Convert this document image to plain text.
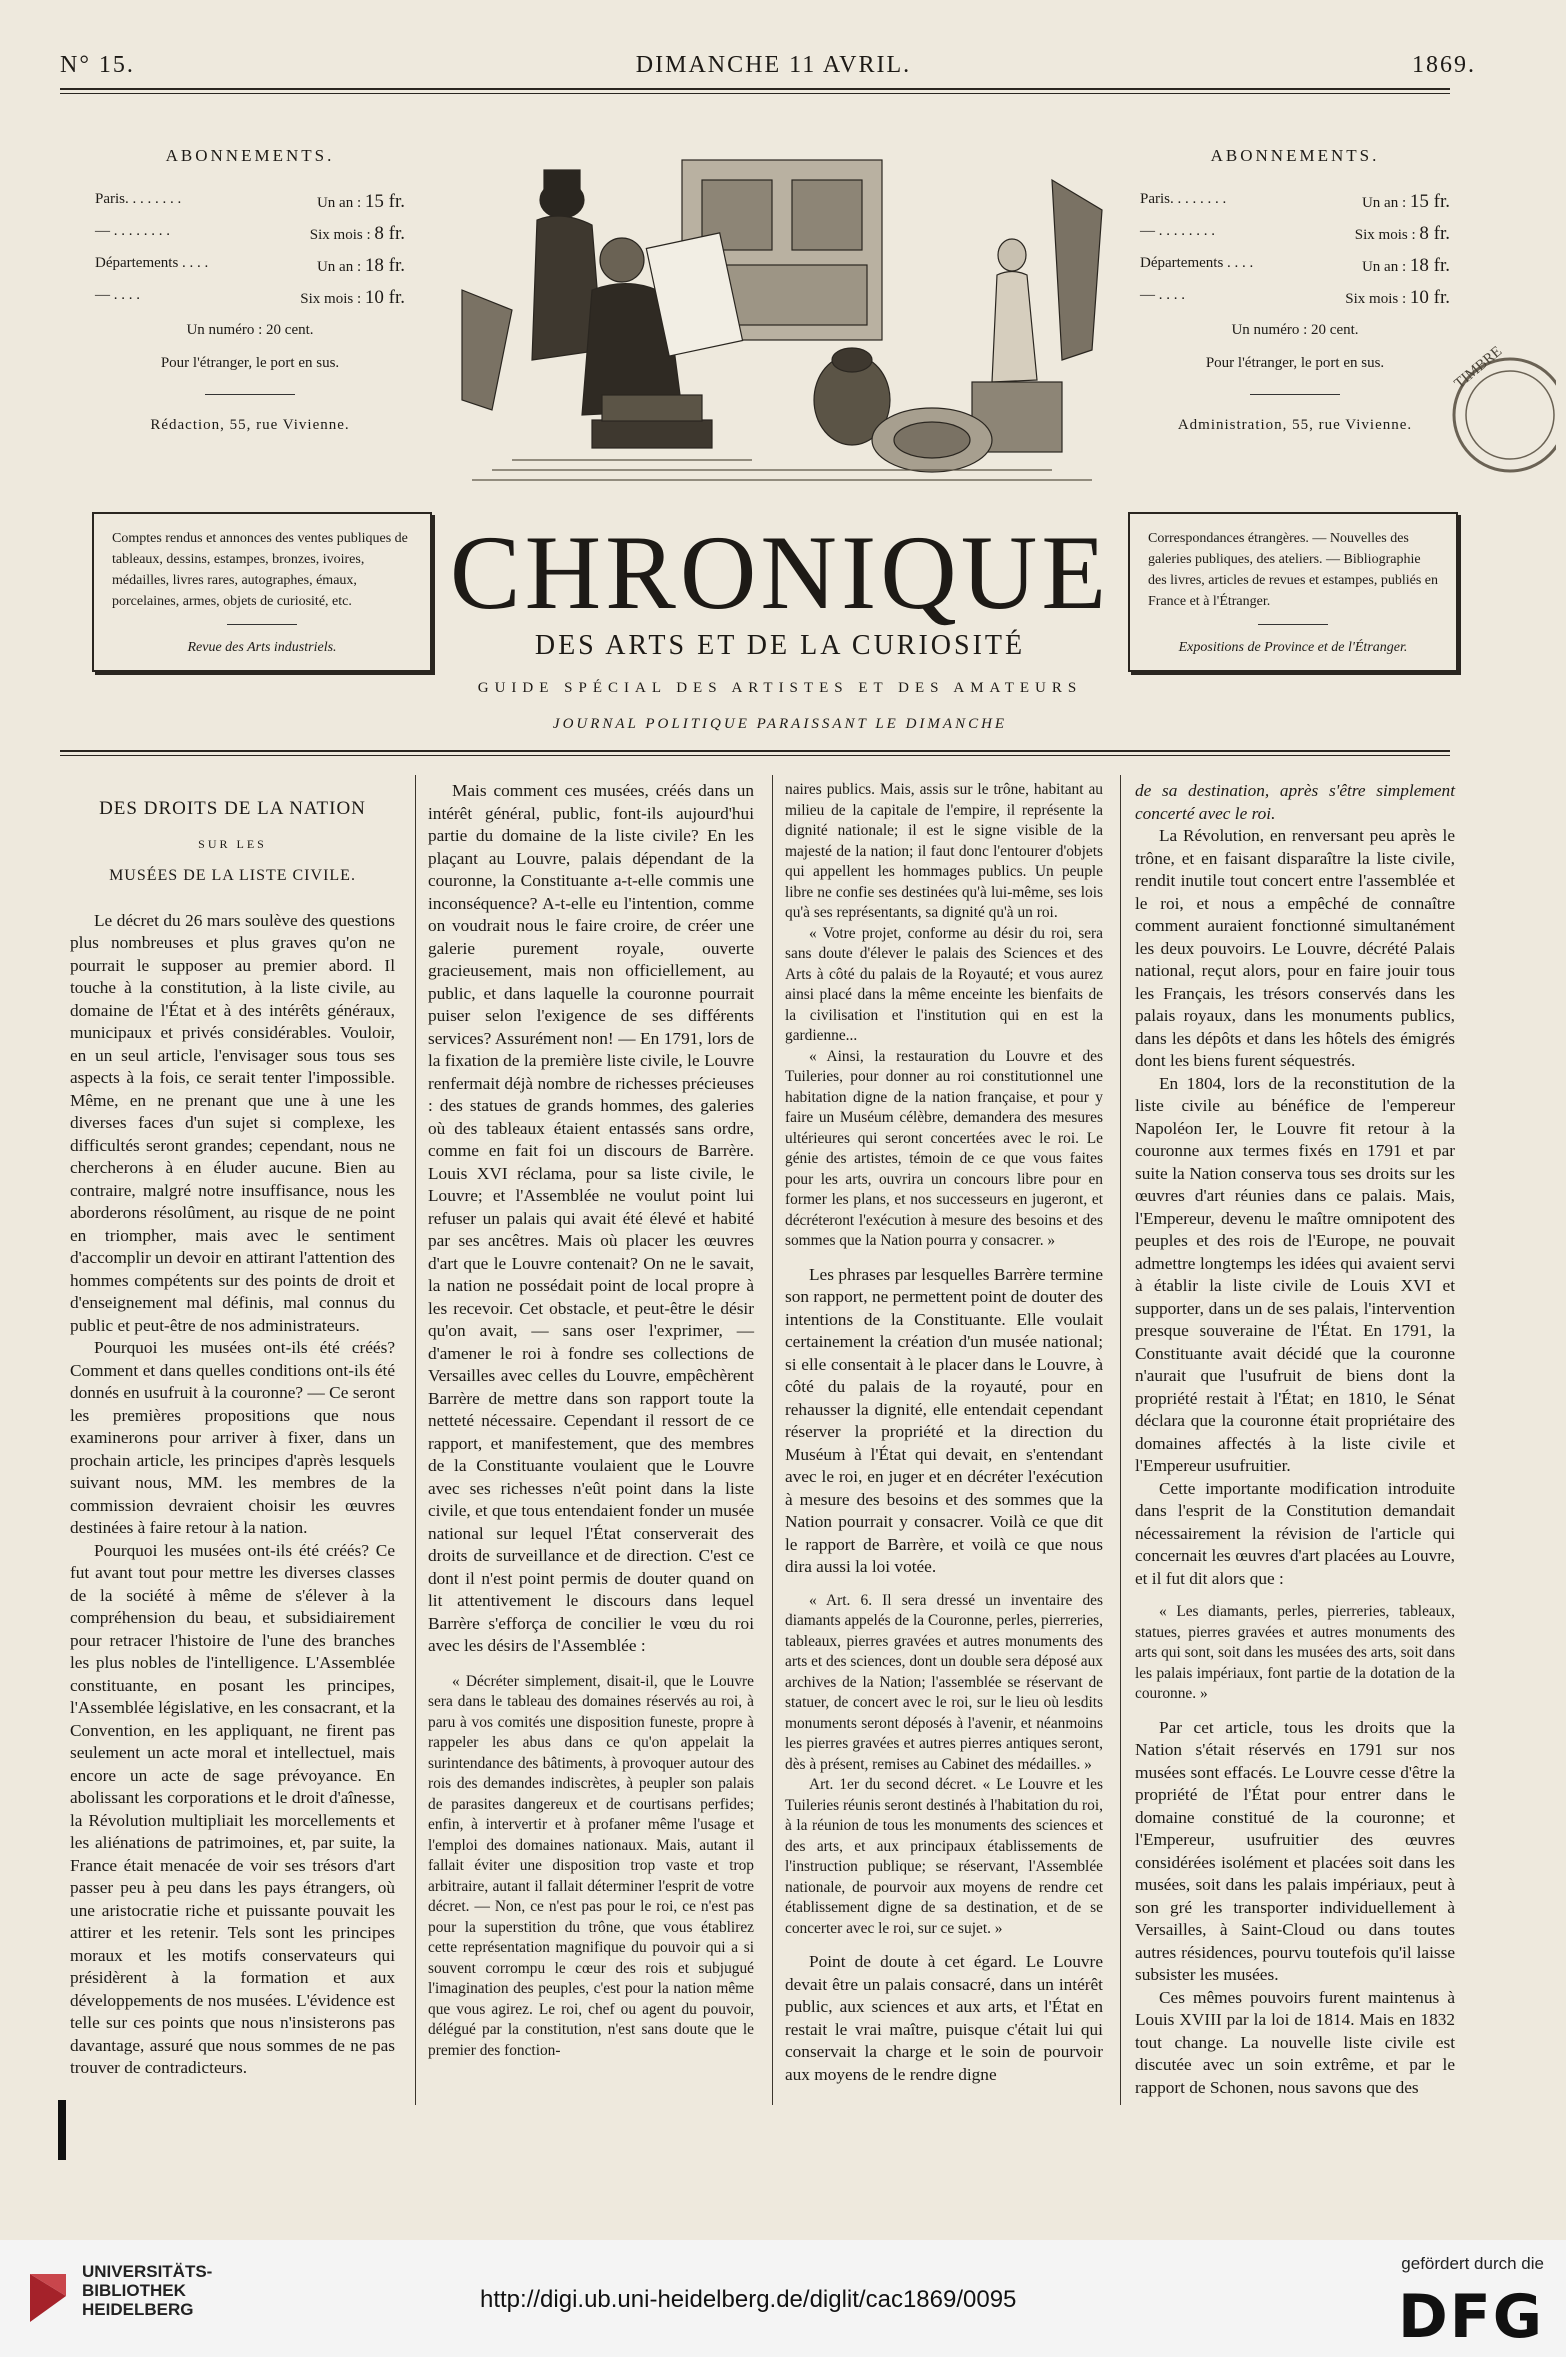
N° 15.	DIMANCHE 11 AVRIL.	1869.
ABONNEMENTS.
Paris. . . . . . . .	Un an : 15 fr.
— . . . . . . . .	Six mois : 8 fr.
Départements . . . .	Un an : 18 fr.
— . . . .	Six mois : 10 fr.
Un numéro : 20 cent.
Pour l'étranger, le port en sus.
Rédaction, 55, rue Vivienne.
ABONNEMENTS.
Paris. . . . . . . .	Un an : 15 fr.
— . . . . . . . .	Six mois : 8 fr.
Départements . . . .	Un an : 18 fr.
— . . . .	Six mois : 10 fr.
Un numéro : 20 cent.
Pour l'étranger, le port en sus.
Administration, 55, rue Vivienne.
Comptes rendus et annonces des ventes publiques de tableaux, dessins, estampes, bronzes, ivoires, médailles, livres rares, autographes, émaux, porcelaines, armes, objets de curiosité, etc.
Revue des Arts industriels.
Correspondances étrangères. — Nouvelles des galeries publiques, des ateliers. — Bibliographie des livres, articles de revues et estampes, publiés en France et à l'Étranger.
Expositions de Province et de l'Étranger.
TIMBRE
CHRONIQUE
DES ARTS ET DE LA CURIOSITÉ
GUIDE SPÉCIAL DES ARTISTES ET DES AMATEURS
JOURNAL POLITIQUE PARAISSANT LE DIMANCHE
DES DROITS DE LA NATION
SUR LES
MUSÉES DE LA LISTE CIVILE.

Le décret du 26 mars soulève des questions plus nombreuses et plus graves qu'on ne pourrait le supposer au premier abord. Il touche à la constitution, à la liste civile, au domaine de l'État et à des intérêts généraux, municipaux et privés considérables. Vouloir, en un seul article, l'envisager sous tous ses aspects à la fois, ce serait tenter l'impossible. Même, en ne prenant que une à une les diverses faces d'un sujet si complexe, les difficultés seront grandes; cependant, nous ne chercherons à en éluder aucune. Bien au contraire, malgré notre insuffisance, nous les aborderons résolûment, au risque de ne point en triompher, mais avec le sentiment d'accomplir un devoir en attirant l'attention des hommes compétents sur des points de droit et d'enseignement mal définis, mal connus du public et peut-être de nos administrateurs.

Pourquoi les musées ont-ils été créés? Comment et dans quelles conditions ont-ils été donnés en usufruit à la couronne? — Ce seront les premières propositions que nous examinerons pour arriver à fixer, dans un prochain article, les principes d'après lesquels suivant nous, MM. les membres de la commission devraient choisir les œuvres destinées à faire retour à la nation.

Pourquoi les musées ont-ils été créés? Ce fut avant tout pour mettre les diverses classes de la société à même de s'élever à la compréhension du beau, et subsidiairement pour retracer l'histoire de l'une des branches les plus nobles de l'intelligence. L'Assemblée constituante, en posant les principes, l'Assemblée législative, en les consacrant, et la Convention, en les appliquant, ne firent pas seulement un acte moral et intellectuel, mais encore un acte de sage prévoyance. En abolissant les corporations et le droit d'aînesse, la Révolution multipliait les morcellements et les aliénations de patrimoines, et, par suite, la France était menacée de voir ses trésors d'art passer peu à peu dans les pays étrangers, où une aristocratie riche et puissante pouvait les attirer et les retenir. Tels sont les principes moraux et les motifs conservateurs qui présidèrent à la formation et aux développements de nos musées. L'évidence est telle sur ces points que nous n'insisterons pas davantage, assuré que nous sommes de ne pas trouver de contradicteurs.

Mais comment ces musées, créés dans un intérêt général, public, font-ils aujourd'hui partie du domaine de la liste civile? En les plaçant au Louvre, palais dépendant de la couronne, la Constituante a-t-elle commis une inconséquence? A-t-elle eu l'intention, comme on voudrait nous le faire croire, de créer une galerie purement royale, ouverte gracieusement, mais non officiellement, au public, et dans laquelle la couronne pourrait puiser selon l'exigence de ses différents services? Assurément non! — En 1791, lors de la fixation de la première liste civile, le Louvre renfermait déjà nombre de richesses précieuses : des statues de grands hommes, des galeries où des tableaux étaient entassés sans ordre, comme en fait foi un discours de Barrère. Louis XVI réclama, pour sa liste civile, le Louvre; et l'Assemblée ne voulut point lui refuser un palais qui avait été élevé et habité par ses ancêtres. Mais où placer les œuvres d'art que le Louvre contenait? On ne le savait, la nation ne possédait point de local propre à les recevoir. Cet obstacle, et peut-être le désir qu'on avait, — sans oser l'exprimer, — d'amener le roi à fondre ses collections de Versailles avec celles du Louvre, empêchèrent Barrère de mettre dans son rapport toute la netteté nécessaire. Cependant il ressort de ce rapport, et manifestement, que des membres de la Constituante voulaient que le Louvre avec ses richesses n'eût point dans la liste civile, et que tous entendaient fonder un musée national sur lequel l'État conserverait des droits de surveillance et de direction. C'est ce dont il n'est point permis de douter quand on lit attentivement le discours dans lequel Barrère s'efforça de concilier le vœu du roi avec les désirs de l'Assemblée :

« Décréter simplement, disait-il, que le Louvre sera dans le tableau des domaines réservés au roi, à paru à vos comités une disposition funeste, propre à rappeler les abus dans ce qu'on appelait la surintendance des bâtiments, à provoquer autour des rois des demandes indiscrètes, à peupler son palais de parasites dangereux et de courtisans perfides; enfin, à intervertir et à profaner même l'usage et l'emploi des domaines nationaux. Mais, autant il fallait éviter une disposition trop vaste et trop arbitraire, autant il fallait déterminer l'esprit de votre décret. — Non, ce n'est pas pour le roi, ce n'est pas pour la superstition du trône, que vous établirez cette représentation magnifique du pouvoir qui a si souvent corrompu le cœur des rois et subjugué l'imagination des peuples, c'est pour la nation même que vous agirez. Le roi, chef ou agent du pouvoir, délégué par la constitution, n'est sans doute que le premier des fonction-

naires publics. Mais, assis sur le trône, habitant au milieu de la capitale de l'empire, il représente la dignité nationale; il est le signe visible de la majesté de la nation; il faut donc l'entourer d'objets qui appellent les hommages publics. Un peuple libre ne confie ses destinées qu'à lui-même, ses lois qu'à ses représentants, sa dignité qu'à un roi.

« Votre projet, conforme au désir du roi, sera sans doute d'élever le palais des Sciences et des Arts à côté du palais de la Royauté; et vous aurez ainsi placé dans la même enceinte les bienfaits de la civilisation et l'institution qui en est la gardienne...

« Ainsi, la restauration du Louvre et des Tuileries, pour donner au roi constitutionnel une habitation digne de la nation française, et pour y faire un Muséum célèbre, demandera des mesures ultérieures qui seront concertées avec le roi. Le génie des artistes, témoin de ce que vous faites pour les arts, ouvrira un concours libre pour en former les plans, et nos successeurs en jugeront, et décréteront l'exécution à mesure des besoins et des sommes que la Nation pourra y consacrer. »

Les phrases par lesquelles Barrère termine son rapport, ne permettent point de douter des intentions de la Constituante. Elle voulait certainement la création d'un musée national; si elle consentait à le placer dans le Louvre, à côté du palais de la royauté, pour en rehausser la dignité, elle entendait cependant réserver la propriété et la direction du Muséum à l'État qui devait, en s'entendant avec le roi, en juger et en décréter l'exécution à mesure des besoins et des sommes que la Nation pourrait y consacrer. Voilà ce que dit le rapport de Barrère, et voilà ce que nous dira aussi la loi votée.

« Art. 6. Il sera dressé un inventaire des diamants appelés de la Couronne, perles, pierreries, tableaux, pierres gravées et autres monuments des arts et des sciences, dont un double sera déposé aux archives de la Nation; l'assemblée se réservant de statuer, de concert avec le roi, sur le lieu où lesdits monuments seront déposés à l'avenir, et néanmoins les pierres gravées et autres pierres antiques seront, dès à présent, remises au Cabinet des médailles. »

Art. 1er du second décret. « Le Louvre et les Tuileries réunis seront destinés à l'habitation du roi, à la réunion de tous les monuments des sciences et des arts, et aux principaux établissements de l'instruction publique; se réservant, l'Assemblée nationale, de pourvoir aux moyens de rendre cet établissement digne de sa destination, et de se concerter avec le roi, sur ce sujet. »

Point de doute à cet égard. Le Louvre devait être un palais consacré, dans un intérêt public, aux sciences et aux arts, et l'État en restait le vrai maître, puisque c'était lui qui conservait la charge et le soin de pourvoir aux moyens de le rendre digne

de sa destination, après s'être simplement concerté avec le roi.

La Révolution, en renversant peu après le trône, et en faisant disparaître la liste civile, rendit inutile tout concert entre l'assemblée et le roi, et nous a empêché de connaître comment auraient fonctionné simultanément les deux pouvoirs. Le Louvre, décrété Palais national, reçut alors, pour en faire jouir tous les Français, les trésors conservés dans les palais royaux, dans les monuments publics, dans les dépôts et dans les hôtels des émigrés dont les biens furent séquestrés.

En 1804, lors de la reconstitution de la liste civile au bénéfice de l'empereur Napoléon Ier, le Louvre fit retour à la couronne aux termes fixés en 1791 et par suite la Nation conserva tous ses droits sur les œuvres d'art réunies dans ce palais. Mais, l'Empereur, devenu le maître omnipotent des peuples et des rois de l'Europe, ne pouvait admettre longtemps les idées qui avaient servi à établir la liste civile de Louis XVI et supporter, dans un de ses palais, l'intervention presque souveraine de l'État. En 1791, la Constituante avait décidé que la couronne n'aurait que l'usufruit de biens dont la propriété restait à l'État; en 1810, le Sénat déclara que la couronne était propriétaire des domaines affectés à la liste civile et l'Empereur usufruitier.

Cette importante modification introduite dans l'esprit de la Constitution demandait nécessairement la révision de l'article qui concernait les œuvres d'art placées au Louvre, et il fut dit alors que :

« Les diamants, perles, pierreries, tableaux, statues, pierres gravées et autres monuments des arts qui sont, soit dans les musées des arts, soit dans les palais impériaux, font partie de la dotation de la couronne. »

Par cet article, tous les droits que la Nation s'était réservés en 1791 sur nos musées sont effacés. Le Louvre cesse d'être la propriété de l'État pour entrer dans le domaine constitué de la couronne; et l'Empereur, usufruitier des œuvres considérées isolément et placées soit dans les musées, soit dans les palais impériaux, peut à son gré les transporter individuellement à Versailles, à Saint-Cloud ou dans toutes autres résidences, pourvu toutefois qu'il laisse subsister les musées.

Ces mêmes pouvoirs furent maintenus à Louis XVIII par la loi de 1814. Mais en 1832 tout change. La nouvelle liste civile est discutée avec un soin extrême, et par le rapport de Schonen, nous savons que des

UNIVERSITÄTS-
BIBLIOTHEK
HEIDELBERG	http://digi.ub.uni-heidelberg.de/diglit/cac1869/0095
gefördert durch die
DFG
